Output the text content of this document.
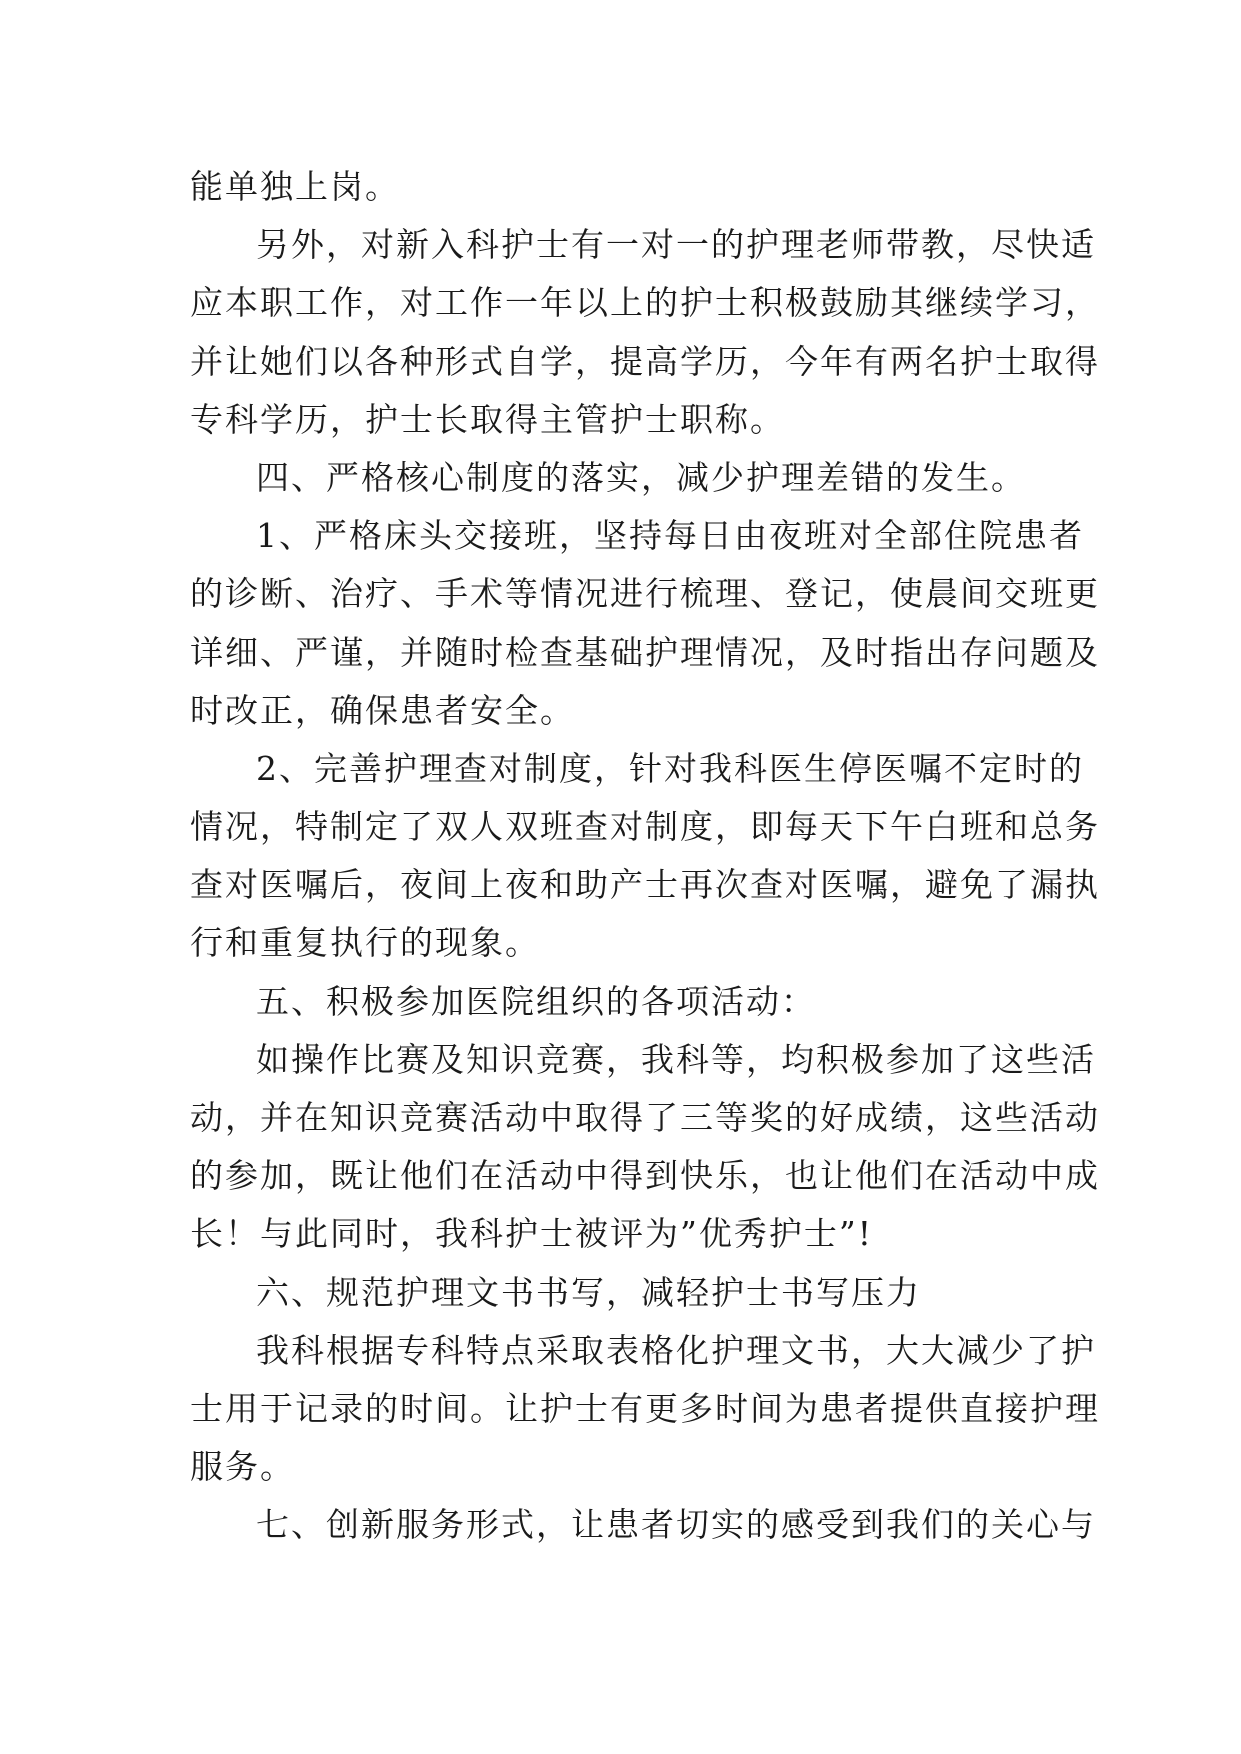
能单独上岗。
另外，对新入科护士有一对一的护理老师带教，尽快适
应本职工作，对工作一年以上的护士积极鼓励其继续学习，
并让她们以各种形式自学，提高学历，今年有两名护士取得
专科学历，护士长取得主管护士职称。
四、严格核心制度的落实，减少护理差错的发生。
1、严格床头交接班，坚持每日由夜班对全部住院患者
的诊断、治疗、手术等情况进行梳理、登记，使晨间交班更
详细、严谨，并随时检查基础护理情况，及时指出存问题及
时改正，确保患者安全。
2、完善护理查对制度，针对我科医生停医嘱不定时的
情况，特制定了双人双班查对制度，即每天下午白班和总务
查对医嘱后，夜间上夜和助产士再次查对医嘱，避免了漏执
行和重复执行的现象。
五、积极参加医院组织的各项活动：
如操作比赛及知识竞赛，我科等，均积极参加了这些活
动，并在知识竞赛活动中取得了三等奖的好成绩，这些活动
的参加，既让他们在活动中得到快乐，也让他们在活动中成
长！与此同时，我科护士被评为”优秀护士”!
六、规范护理文书书写，减轻护士书写压力
我科根据专科特点采取表格化护理文书，大大减少了护
士用于记录的时间。让护士有更多时间为患者提供直接护理
服务。
七、创新服务形式，让患者切实的感受到我们的关心与
